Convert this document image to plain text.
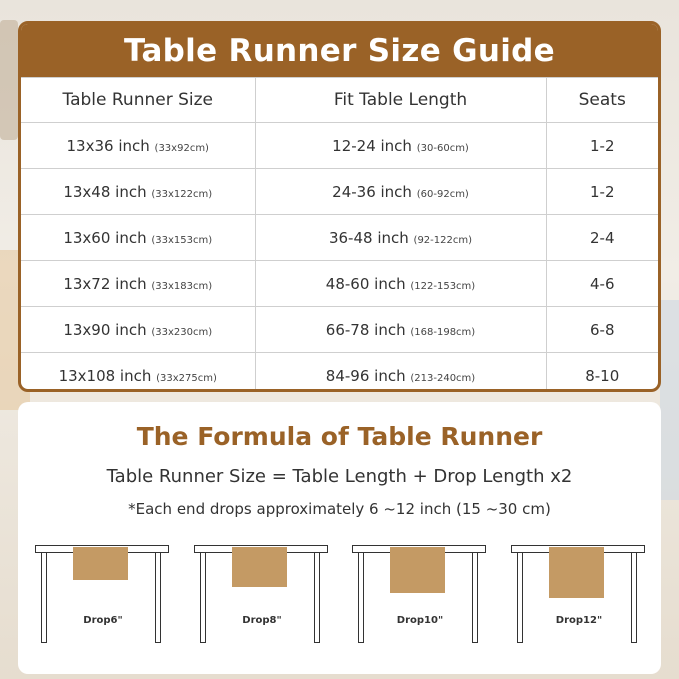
Table Runner Size Guide
Table Runner Size	Fit Table Length	Seats
13x36 inch (33x92cm)	12-24 inch (30-60cm)	1-2
13x48 inch (33x122cm)	24-36 inch (60-92cm)	1-2
13x60 inch (33x153cm)	36-48 inch (92-122cm)	2-4
13x72 inch (33x183cm)	48-60 inch (122-153cm)	4-6
13x90 inch (33x230cm)	66-78 inch (168-198cm)	6-8
13x108 inch (33x275cm)	84-96 inch (213-240cm)	8-10
The Formula of Table Runner
Table Runner Size = Table Length + Drop Length x2
*Each end drops approximately 6 ~12 inch (15 ~30 cm)
Drop6"	Drop8"	Drop10"	Drop12"
